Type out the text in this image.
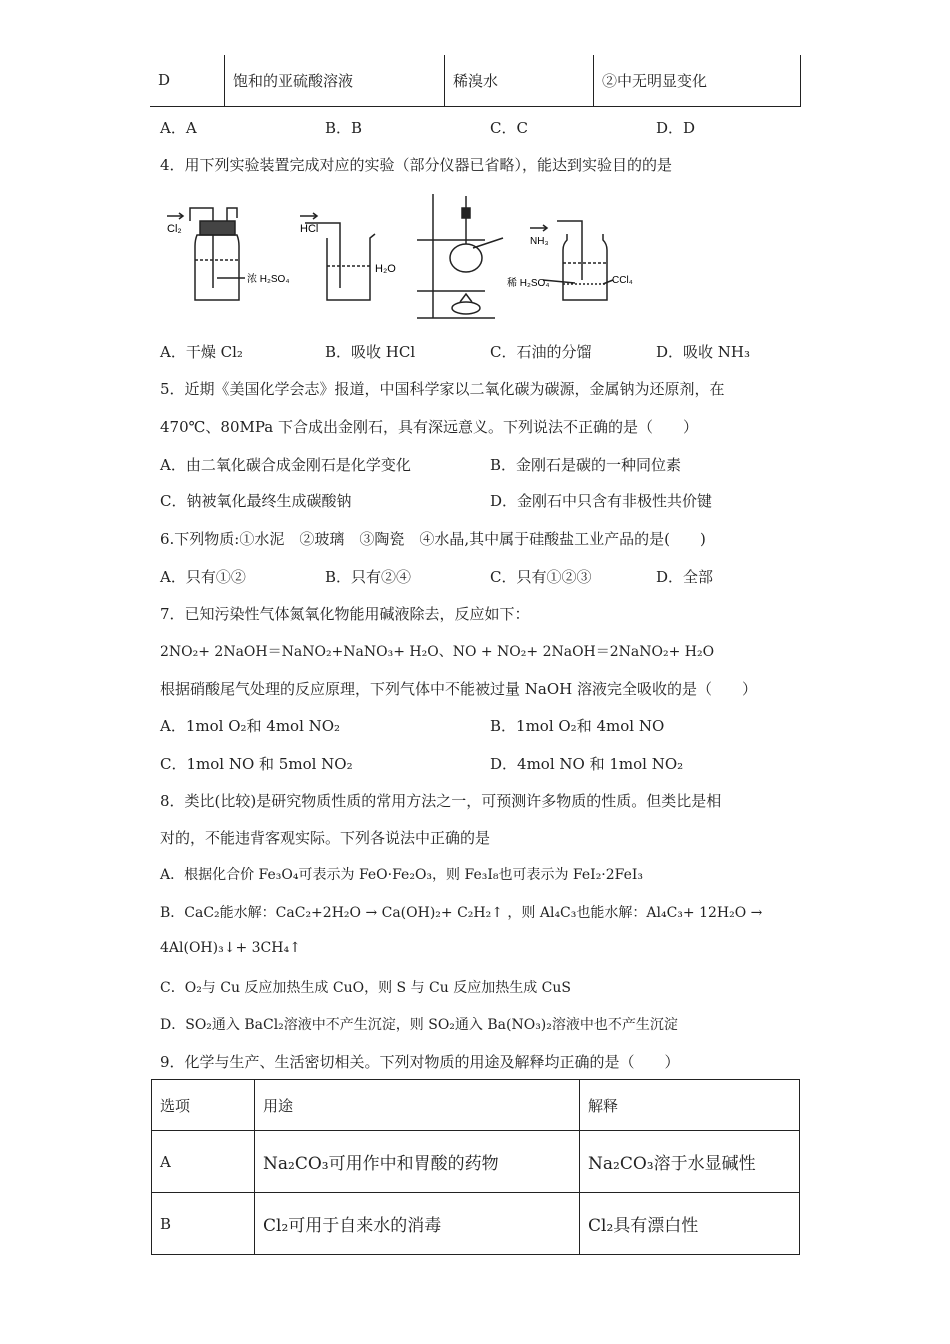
D	饱和的亚硫酸溶液	稀溴水	②中无明显变化
A．A	B．B	C．C	D．D
4．用下列实验装置完成对应的实验（部分仪器已省略），能达到实验目的的是
Cl₂
浓 H₂SO₄
HCl
H₂O
NH₃
稀 H₂SO₄	CCl₄
A．干燥 Cl₂	B．吸收 HCl	C．石油的分馏	D．吸收 NH₃
5．近期《美国化学会志》报道，中国科学家以二氧化碳为碳源，金属钠为还原剂，在
470℃、80MPa 下合成出金刚石，具有深远意义。下列说法不正确的是（　　）
A．由二氧化碳合成金刚石是化学变化	B．金刚石是碳的一种同位素
C．钠被氧化最终生成碳酸钠	D．金刚石中只含有非极性共价键
6.下列物质:①水泥　②玻璃　③陶瓷　④水晶,其中属于硅酸盐工业产品的是(　　)
A．只有①②	B．只有②④	C．只有①②③	D．全部
7．已知污染性气体氮氧化物能用碱液除去，反应如下：
2NO₂+ 2NaOH＝NaNO₂+NaNO₃+ H₂O、NO + NO₂+ 2NaOH＝2NaNO₂+ H₂O
根据硝酸尾气处理的反应原理，下列气体中不能被过量 NaOH 溶液完全吸收的是（　　）
A．1mol O₂和 4mol NO₂	B．1mol O₂和 4mol NO
C．1mol NO 和 5mol NO₂	D．4mol NO 和 1mol NO₂
8．类比(比较)是研究物质性质的常用方法之一，可预测许多物质的性质。但类比是相
对的，不能违背客观实际。下列各说法中正确的是
A．根据化合价 Fe₃O₄可表示为 FeO·Fe₂O₃，则 Fe₃I₈也可表示为 FeI₂·2FeI₃
B．CaC₂能水解：CaC₂+2H₂O → Ca(OH)₂+ C₂H₂↑ ，则 Al₄C₃也能水解：Al₄C₃+ 12H₂O →
4Al(OH)₃↓+ 3CH₄↑
C．O₂与 Cu 反应加热生成 CuO，则 S 与 Cu 反应加热生成 CuS
D．SO₂通入 BaCl₂溶液中不产生沉淀，则 SO₂通入 Ba(NO₃)₂溶液中也不产生沉淀
9．化学与生产、生活密切相关。下列对物质的用途及解释均正确的是（　　）
选项	用途	解释
A	Na₂CO₃可用作中和胃酸的药物	Na₂CO₃溶于水显碱性
B	Cl₂可用于自来水的消毒	Cl₂具有漂白性
